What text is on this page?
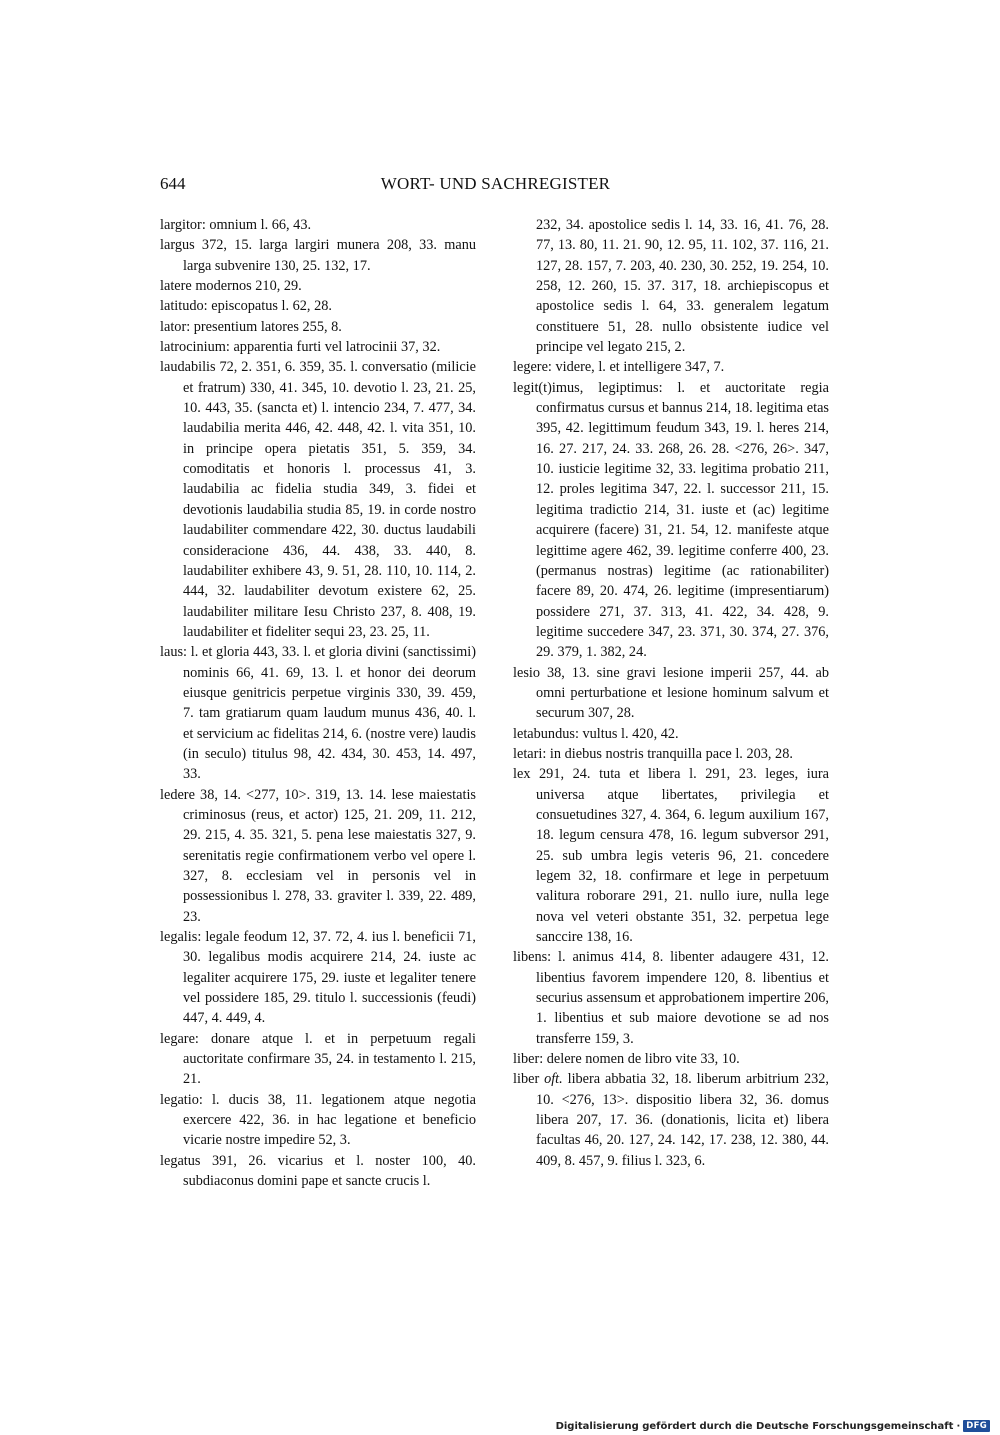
644	WORT- UND SACHREGISTER

largitor: omnium l. 66, 43.

largus 372, 15. larga largiri munera 208, 33. manu larga subvenire 130, 25. 132, 17.

latere modernos 210, 29.

latitudo: episcopatus l. 62, 28.

lator: presentium latores 255, 8.

latrocinium: apparentia furti vel latrocinii 37, 32.

laudabilis 72, 2. 351, 6. 359, 35. l. conversatio (milicie et fratrum) 330, 41. 345, 10. devotio l. 23, 21. 25, 10. 443, 35. (sancta et) l. intencio 234, 7. 477, 34. laudabilia merita 446, 42. 448, 42. l. vita 351, 10. in principe opera pietatis 351, 5. 359, 34. comoditatis et honoris l. processus 41, 3. laudabilia ac fidelia studia 349, 3. fidei et devotionis laudabilia studia 85, 19. in corde nostro laudabiliter commendare 422, 30. ductus laudabili consideracione 436, 44. 438, 33. 440, 8. laudabiliter exhibere 43, 9. 51, 28. 110, 10. 114, 2. 444, 32. laudabiliter devotum existere 62, 25. laudabiliter militare Iesu Christo 237, 8. 408, 19. laudabiliter et fideliter sequi 23, 23. 25, 11.

laus: l. et gloria 443, 33. l. et gloria divini (sanctissimi) nominis 66, 41. 69, 13. l. et honor dei deorum eiusque genitricis perpetue virginis 330, 39. 459, 7. tam gratiarum quam laudum munus 436, 40. l. et servicium ac fidelitas 214, 6. (nostre vere) laudis (in seculo) titulus 98, 42. 434, 30. 453, 14. 497, 33.

ledere 38, 14. <277, 10>. 319, 13. 14. lese maiestatis criminosus (reus, et actor) 125, 21. 209, 11. 212, 29. 215, 4. 35. 321, 5. pena lese maiestatis 327, 9. serenitatis regie confirmationem verbo vel opere l. 327, 8. ecclesiam vel in personis vel in possessionibus l. 278, 33. graviter l. 339, 22. 489, 23.

legalis: legale feodum 12, 37. 72, 4. ius l. beneficii 71, 30. legalibus modis acquirere 214, 24. iuste ac legaliter acquirere 175, 29. iuste et legaliter tenere vel possidere 185, 29. titulo l. successionis (feudi) 447, 4. 449, 4.

legare: donare atque l. et in perpetuum regali auctoritate confirmare 35, 24. in testamento l. 215, 21.

legatio: l. ducis 38, 11. legationem atque negotia exercere 422, 36. in hac legatione et beneficio vicarie nostre impedire 52, 3.

legatus 391, 26. vicarius et l. noster 100, 40. subdiaconus domini pape et sancte crucis l.

232, 34. apostolice sedis l. 14, 33. 16, 41. 76, 28. 77, 13. 80, 11. 21. 90, 12. 95, 11. 102, 37. 116, 21. 127, 28. 157, 7. 203, 40. 230, 30. 252, 19. 254, 10. 258, 12. 260, 15. 37. 317, 18. archiepiscopus et apostolice sedis l. 64, 33. generalem legatum constituere 51, 28. nullo obsistente iudice vel principe vel legato 215, 2.

legere: videre, l. et intelligere 347, 7.

legit(t)imus, legiptimus: l. et auctoritate regia confirmatus cursus et bannus 214, 18. legitima etas 395, 42. legittimum feudum 343, 19. l. heres 214, 16. 27. 217, 24. 33. 268, 26. 28. <276, 26>. 347, 10. iusticie legitime 32, 33. legitima probatio 211, 12. proles legitima 347, 22. l. successor 211, 15. legitima tradictio 214, 31. iuste et (ac) legitime acquirere (facere) 31, 21. 54, 12. manifeste atque legittime agere 462, 39. legitime conferre 400, 23. (permanus nostras) legitime (ac rationabiliter) facere 89, 20. 474, 26. legitime (impresentiarum) possidere 271, 37. 313, 41. 422, 34. 428, 9. legitime succedere 347, 23. 371, 30. 374, 27. 376, 29. 379, 1. 382, 24.

lesio 38, 13. sine gravi lesione imperii 257, 44. ab omni perturbatione et lesione hominum salvum et securum 307, 28.

letabundus: vultus l. 420, 42.

letari: in diebus nostris tranquilla pace l. 203, 28.

lex 291, 24. tuta et libera l. 291, 23. leges, iura universa atque libertates, privilegia et consuetudines 327, 4. 364, 6. legum auxilium 167, 18. legum censura 478, 16. legum subversor 291, 25. sub umbra legis veteris 96, 21. concedere legem 32, 18. confirmare et lege in perpetuum valitura roborare 291, 21. nullo iure, nulla lege nova vel veteri obstante 351, 32. perpetua lege sanccire 138, 16.

libens: l. animus 414, 8. libenter adaugere 431, 12. libentius favorem impendere 120, 8. libentius et securius assensum et approbationem impertire 206, 1. libentius et sub maiore devotione se ad nos transferre 159, 3.

liber: delere nomen de libro vite 33, 10.

liber oft. libera abbatia 32, 18. liberum arbitrium 232, 10. <276, 13>. dispositio libera 32, 36. domus libera 207, 17. 36. (donationis, licita et) libera facultas 46, 20. 127, 24. 142, 17. 238, 12. 380, 44. 409, 8. 457, 9. filius l. 323, 6.

Digitalisierung gefördert durch die Deutsche Forschungsgemeinschaft · DFG
